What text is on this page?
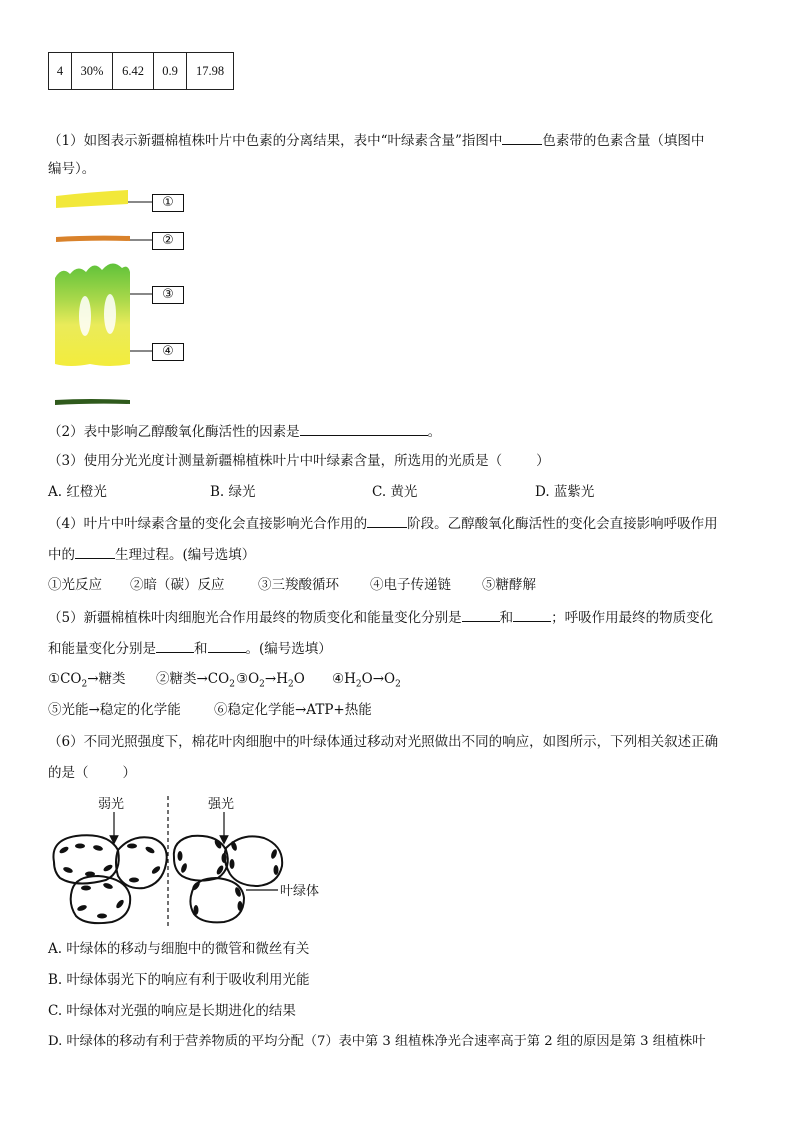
4	30%	6.42	0.9	17.98
（1）如图表示新疆棉植株叶片中色素的分离结果，表中“叶绿素含量”指图中	色素带的色素含量（填图中
编号）。
①
②
③
④
（2）表中影响乙醇酸氧化酶活性的因素是	。
（3）使用分光光度计测量新疆棉植株叶片中叶绿素含量，所选用的光质是（	）
A. 红橙光	B. 绿光	C. 黄光	D. 蓝紫光
（4）叶片中叶绿素含量的变化会直接影响光合作用的	阶段。乙醇酸氧化酶活性的变化会直接影响呼吸作用
中的	生理过程。(编号选填）
①光反应 ②暗（碳）反应 ③三羧酸循环 ④电子传递链 ⑤糖酵解
（5）新疆棉植株叶肉细胞光合作用最终的物质变化和能量变化分别是	和	；呼吸作用最终的物质变化
和能量变化分别是	和	。(编号选填）
$①CO_2\to$糖类 ②糖类$\to CO_2$ $③O_2\to H_2O$ $④H_2O\to O_2$
⑤光能→稳定的化学能 ⑥稳定化学能→ATP+热能
（6）不同光照强度下，棉花叶肉细胞中的叶绿体通过移动对光照做出不同的响应，如图所示，下列相关叙述正确
的是（	）
弱光	强光
叶绿体
A. 叶绿体的移动与细胞中的微管和微丝有关
B. 叶绿体弱光下的响应有利于吸收利用光能
C. 叶绿体对光强的响应是长期进化的结果
D. 叶绿体的移动有利于营养物质的平均分配（7）表中第 3 组植株净光合速率高于第 2 组的原因是第 3 组植株叶
